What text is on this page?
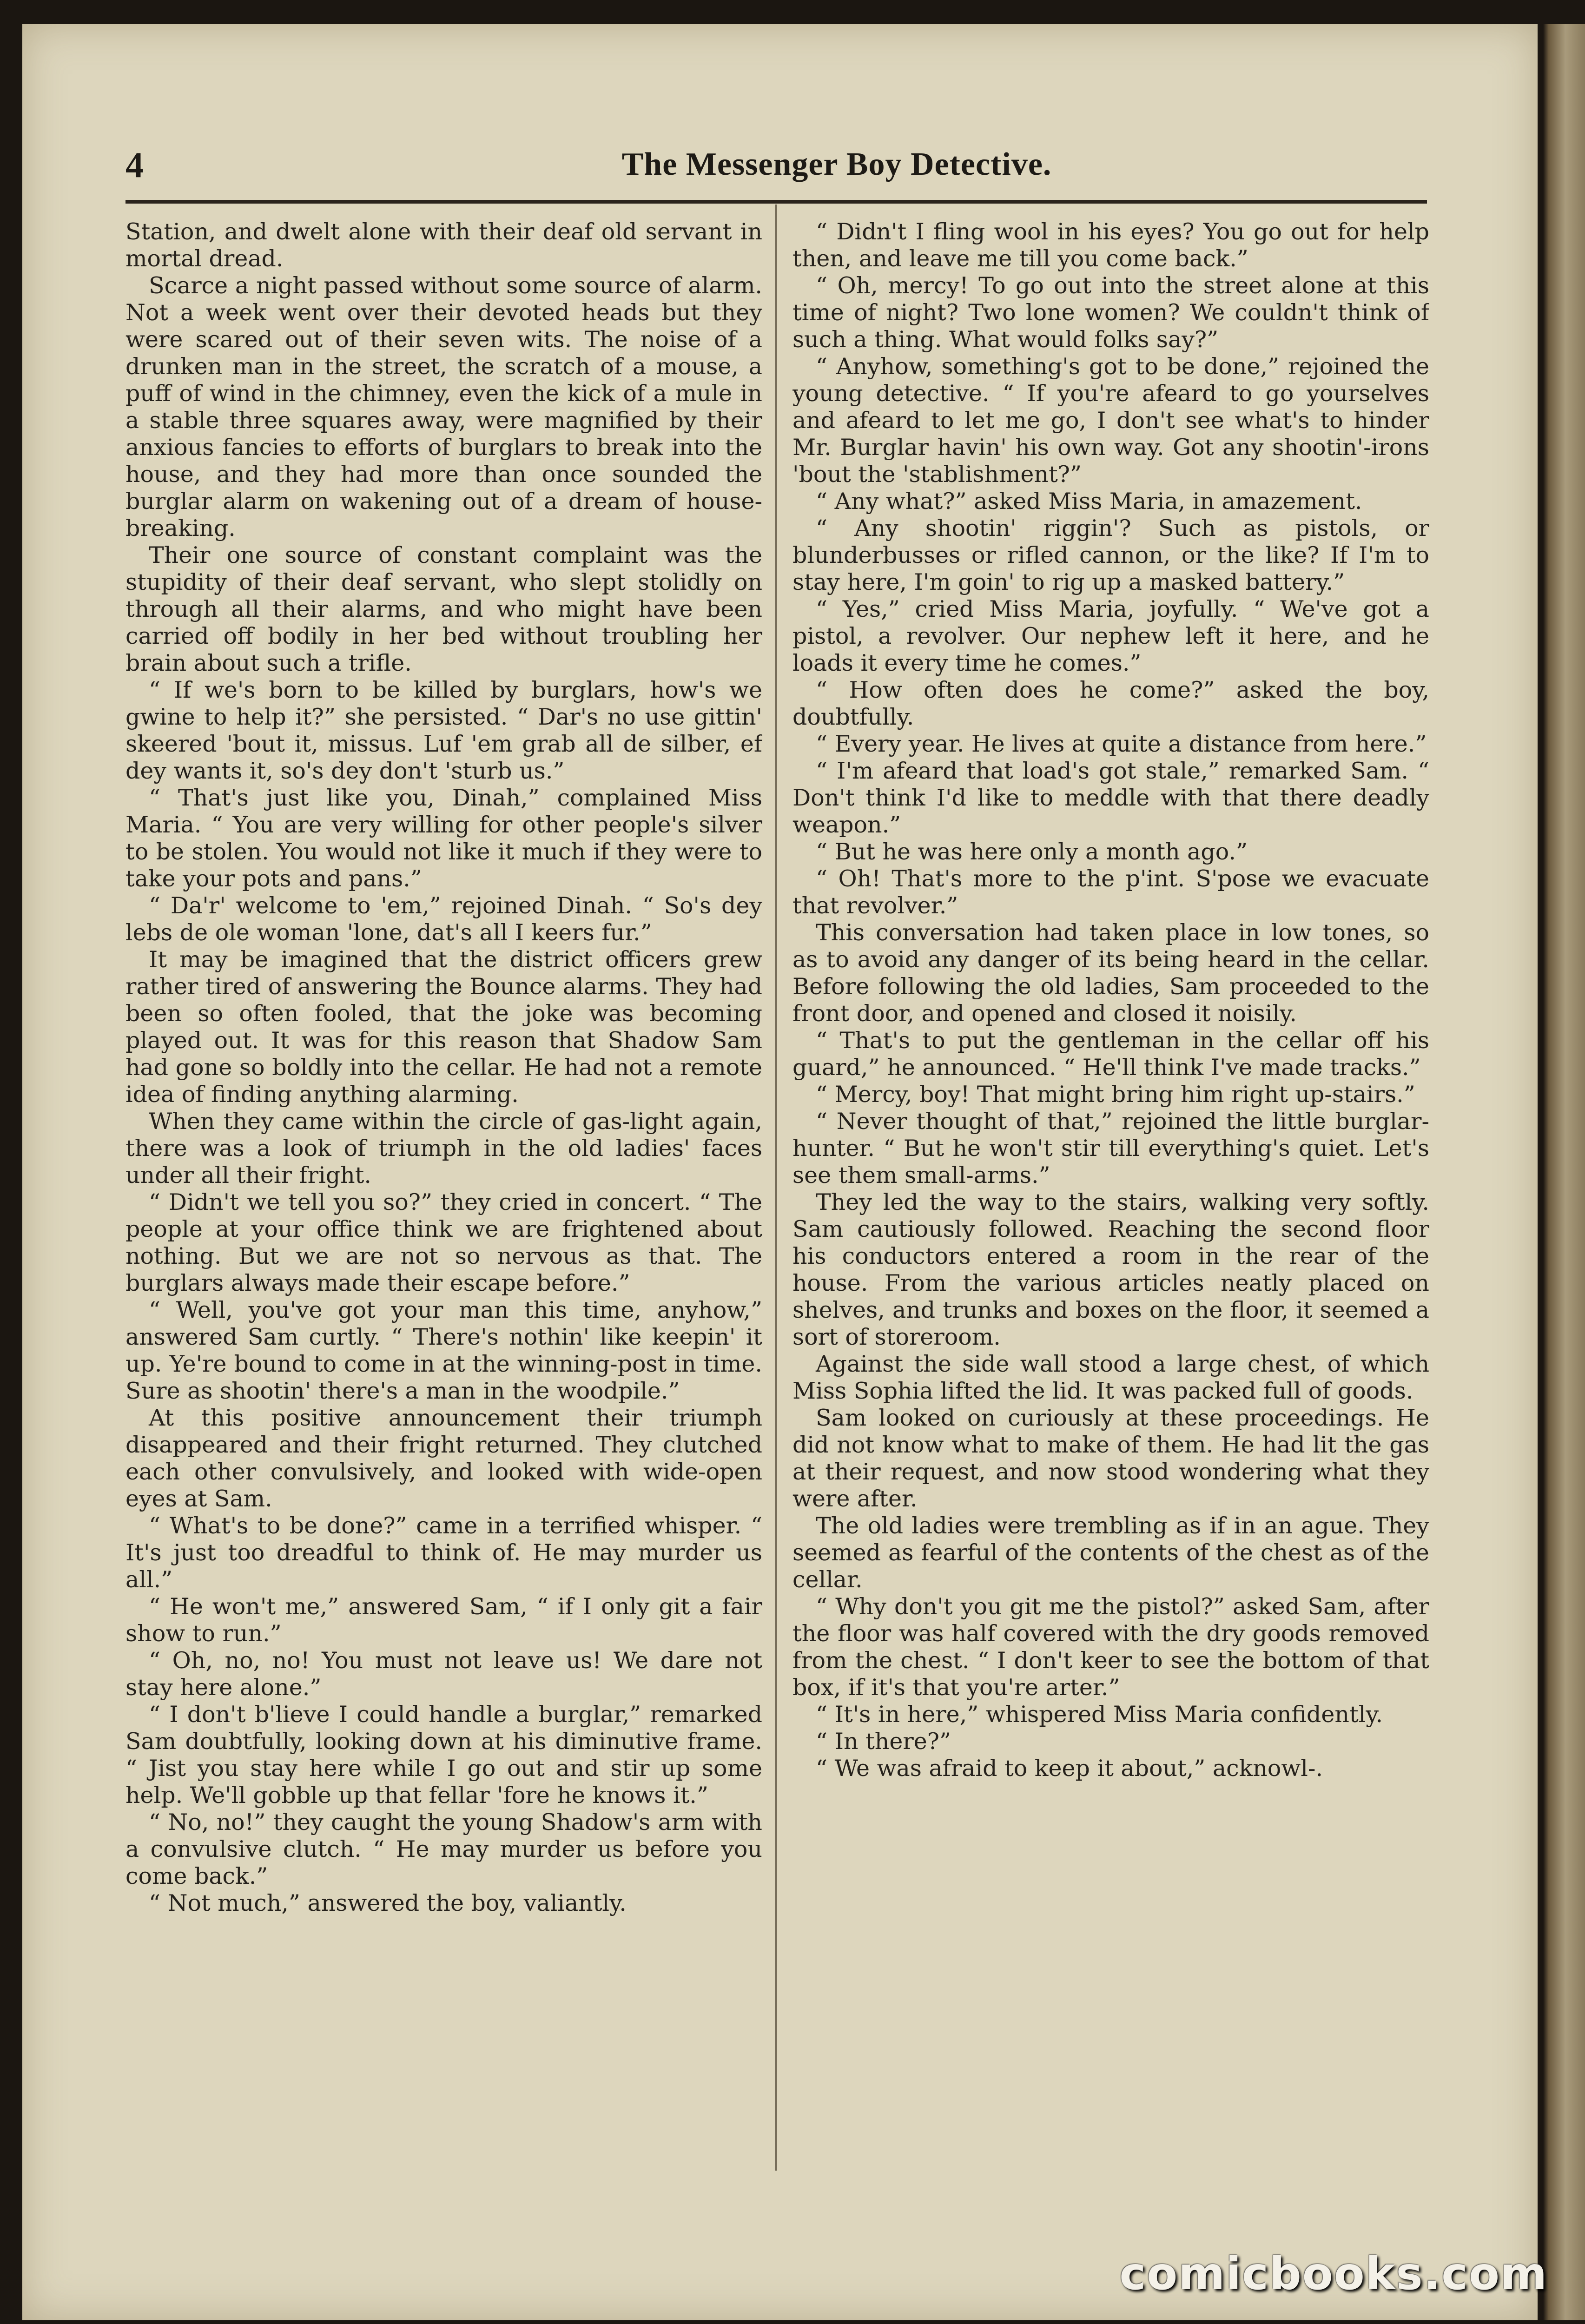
4	The Messenger Boy Detective.

Station, and dwelt alone with their deaf old servant in mortal dread.

Scarce a night passed without some source of alarm. Not a week went over their devoted heads but they were scared out of their seven wits. The noise of a drunken man in the street, the scratch of a mouse, a puff of wind in the chimney, even the kick of a mule in a stable three squares away, were magnified by their anxious fancies to efforts of burglars to break into the house, and they had more than once sounded the burglar alarm on wakening out of a dream of house-breaking.

Their one source of constant complaint was the stupidity of their deaf servant, who slept stolidly on through all their alarms, and who might have been carried off bodily in her bed without troubling her brain about such a trifle.

“ If we's born to be killed by burglars, how's we gwine to help it?” she persisted. “ Dar's no use gittin' skeered 'bout it, missus. Luf 'em grab all de silber, ef dey wants it, so's dey don't 'sturb us.”

“ That's just like you, Dinah,” complained Miss Maria. “ You are very willing for other people's silver to be stolen. You would not like it much if they were to take your pots and pans.”

“ Da'r' welcome to 'em,” rejoined Dinah. “ So's dey lebs de ole woman 'lone, dat's all I keers fur.”

It may be imagined that the district officers grew rather tired of answering the Bounce alarms. They had been so often fooled, that the joke was becoming played out. It was for this reason that Shadow Sam had gone so boldly into the cellar. He had not a remote idea of finding anything alarming.

When they came within the circle of gas-light again, there was a look of triumph in the old ladies' faces under all their fright.

“ Didn't we tell you so?” they cried in concert. “ The people at your office think we are frightened about nothing. But we are not so nervous as that. The burglars always made their escape before.”

“ Well, you've got your man this time, anyhow,” answered Sam curtly. “ There's nothin' like keepin' it up. Ye're bound to come in at the winning-post in time. Sure as shootin' there's a man in the woodpile.”

At this positive announcement their triumph disappeared and their fright returned. They clutched each other convulsively, and looked with wide-open eyes at Sam.

“ What's to be done?” came in a terrified whisper. “ It's just too dreadful to think of. He may murder us all.”

“ He won't me,” answered Sam, “ if I only git a fair show to run.”

“ Oh, no, no! You must not leave us! We dare not stay here alone.”

“ I don't b'lieve I could handle a burglar,” remarked Sam doubtfully, looking down at his diminutive frame. “ Jist you stay here while I go out and stir up some help. We'll gobble up that fellar 'fore he knows it.”

“ No, no!” they caught the young Shadow's arm with a convulsive clutch. “ He may murder us before you come back.”

“ Not much,” answered the boy, valiantly.

“ Didn't I fling wool in his eyes? You go out for help then, and leave me till you come back.”

“ Oh, mercy! To go out into the street alone at this time of night? Two lone women? We couldn't think of such a thing. What would folks say?”

“ Anyhow, something's got to be done,” rejoined the young detective. “ If you're afeard to go yourselves and afeard to let me go, I don't see what's to hinder Mr. Burglar havin' his own way. Got any shootin'-irons 'bout the 'stablishment?”

“ Any what?” asked Miss Maria, in amazement.

“ Any shootin' riggin'? Such as pistols, or blunderbusses or rifled cannon, or the like? If I'm to stay here, I'm goin' to rig up a masked battery.”

“ Yes,” cried Miss Maria, joyfully. “ We've got a pistol, a revolver. Our nephew left it here, and he loads it every time he comes.”

“ How often does he come?” asked the boy, doubtfully.

“ Every year. He lives at quite a distance from here.”

“ I'm afeard that load's got stale,” remarked Sam. “ Don't think I'd like to meddle with that there deadly weapon.”

“ But he was here only a month ago.”

“ Oh! That's more to the p'int. S'pose we evacuate that revolver.”

This conversation had taken place in low tones, so as to avoid any danger of its being heard in the cellar. Before following the old ladies, Sam proceeded to the front door, and opened and closed it noisily.

“ That's to put the gentleman in the cellar off his guard,” he announced. “ He'll think I've made tracks.”

“ Mercy, boy! That might bring him right up-stairs.”

“ Never thought of that,” rejoined the little burglar-hunter. “ But he won't stir till everything's quiet. Let's see them small-arms.”

They led the way to the stairs, walking very softly. Sam cautiously followed. Reaching the second floor his conductors entered a room in the rear of the house. From the various articles neatly placed on shelves, and trunks and boxes on the floor, it seemed a sort of storeroom.

Against the side wall stood a large chest, of which Miss Sophia lifted the lid. It was packed full of goods.

Sam looked on curiously at these proceedings. He did not know what to make of them. He had lit the gas at their request, and now stood wondering what they were after.

The old ladies were trembling as if in an ague. They seemed as fearful of the contents of the chest as of the cellar.

“ Why don't you git me the pistol?” asked Sam, after the floor was half covered with the dry goods removed from the chest. “ I don't keer to see the bottom of that box, if it's that you're arter.”

“ It's in here,” whispered Miss Maria confidently.

“ In there?”

“ We was afraid to keep it about,” acknowl-.

comicbooks.com
